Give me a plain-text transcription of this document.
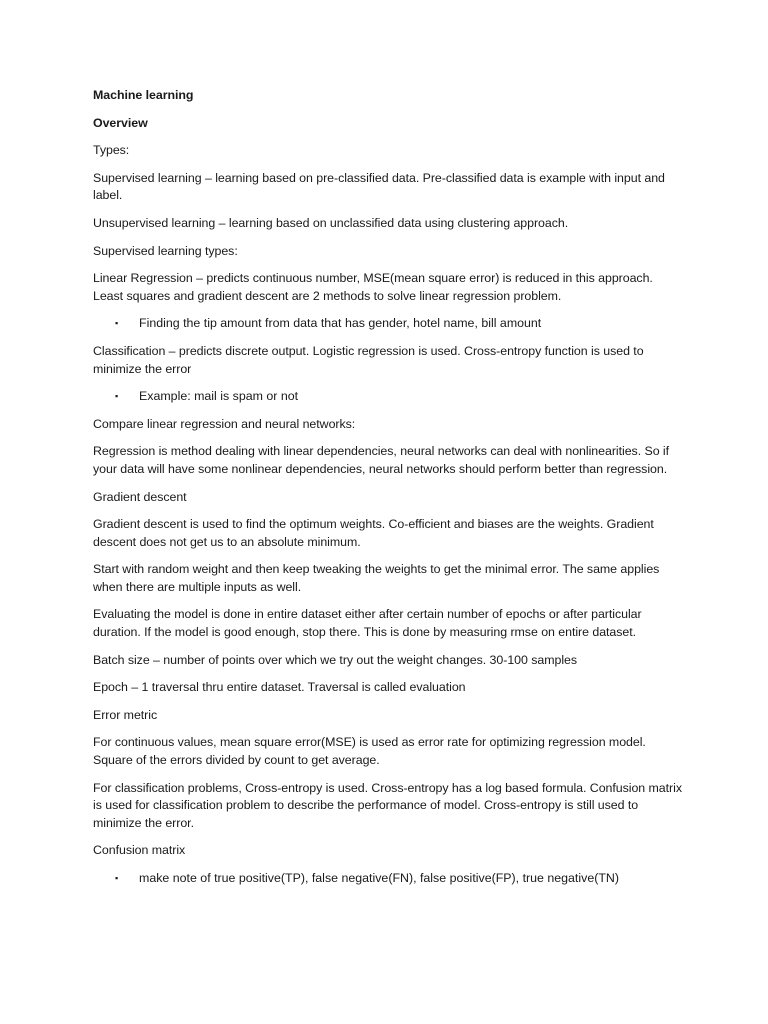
Machine learning

Overview

Types:

Supervised learning – learning based on pre-classified data. Pre-classified data is example with input and label.

Unsupervised learning – learning based on unclassified data using clustering approach.

Supervised learning types:

Linear Regression – predicts continuous number, MSE(mean square error) is reduced in this approach. Least squares and gradient descent are 2 methods to solve linear regression problem.

▪ Finding the tip amount from data that has gender, hotel name, bill amount

Classification – predicts discrete output. Logistic regression is used. Cross-entropy function is used to minimize the error

▪ Example: mail is spam or not

Compare linear regression and neural networks:

Regression is method dealing with linear dependencies, neural networks can deal with nonlinearities. So if your data will have some nonlinear dependencies, neural networks should perform better than regression.

Gradient descent

Gradient descent is used to find the optimum weights. Co-efficient and biases are the weights. Gradient descent does not get us to an absolute minimum.

Start with random weight and then keep tweaking the weights to get the minimal error. The same applies when there are multiple inputs as well.

Evaluating the model is done in entire dataset either after certain number of epochs or after particular duration. If the model is good enough, stop there. This is done by measuring rmse on entire dataset.

Batch size – number of points over which we try out the weight changes. 30-100 samples

Epoch – 1 traversal thru entire dataset. Traversal is called evaluation

Error metric

For continuous values, mean square error(MSE) is used as error rate for optimizing regression model. Square of the errors divided by count to get average.

For classification problems, Cross-entropy is used. Cross-entropy has a log based formula. Confusion matrix is used for classification problem to describe the performance of model. Cross-entropy is still used to minimize the error.

Confusion matrix

▪ make note of true positive(TP), false negative(FN), false positive(FP), true negative(TN)
